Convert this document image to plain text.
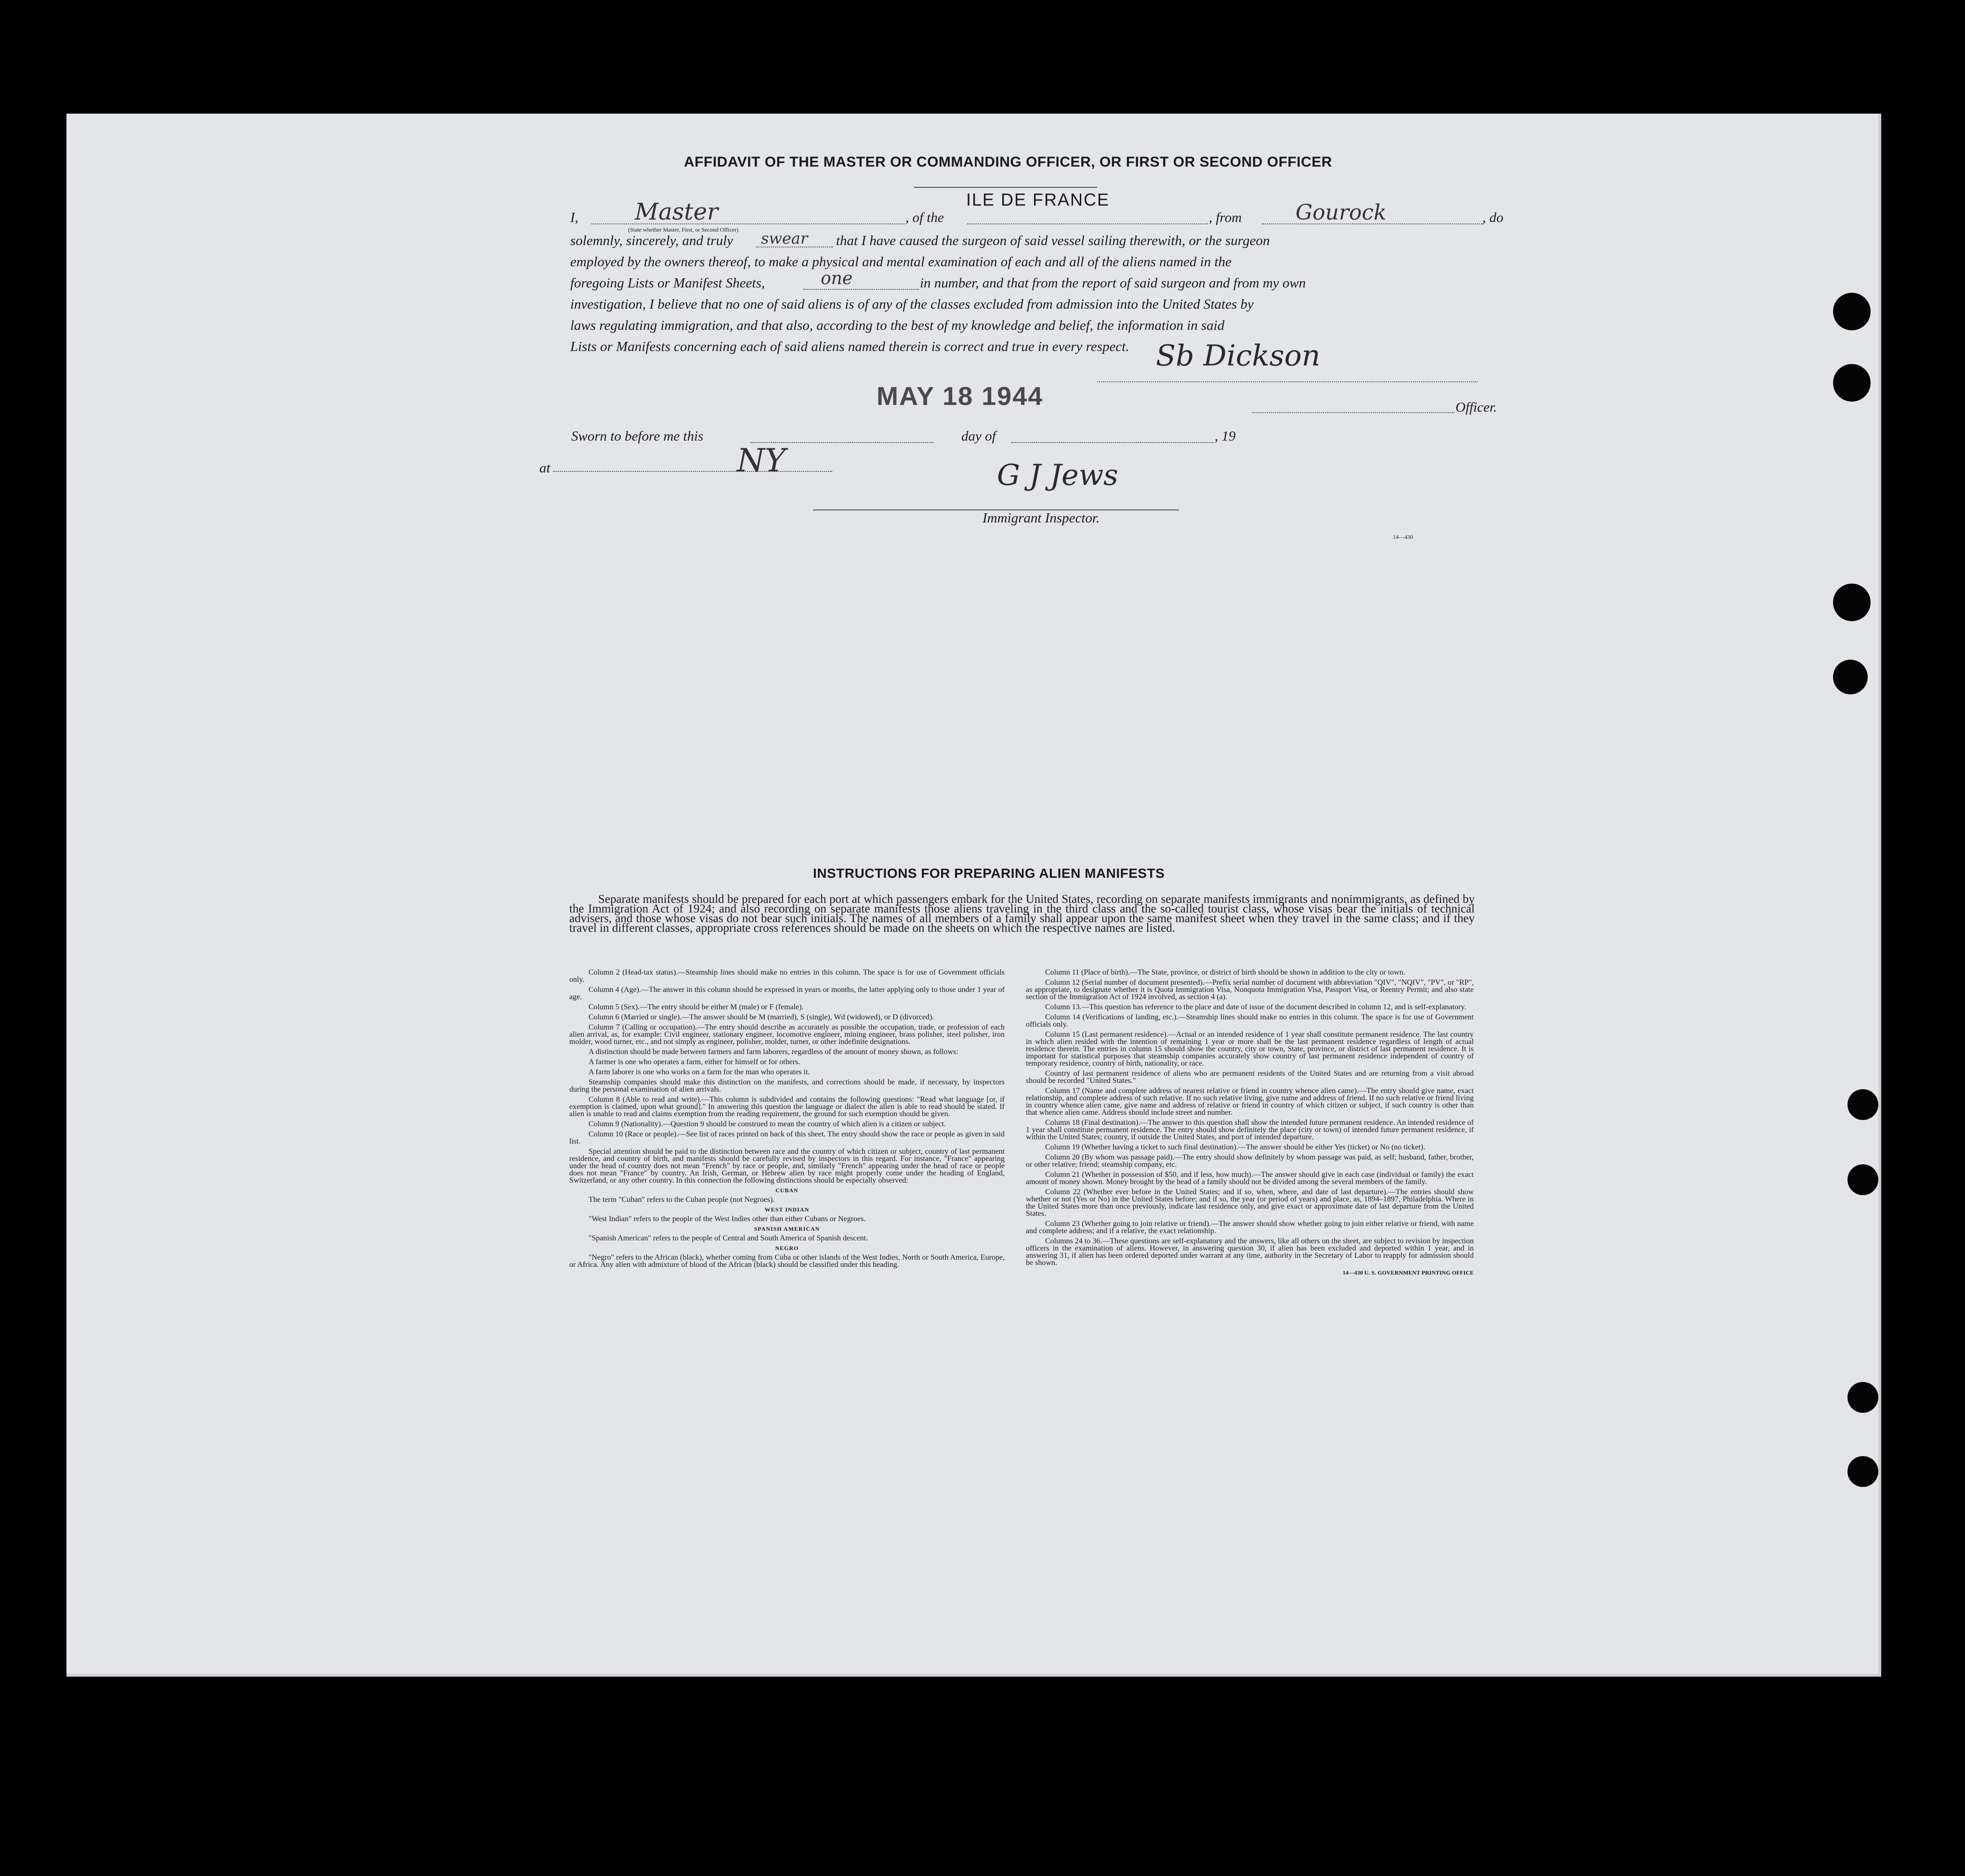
AFFIDAVIT OF THE MASTER OR COMMANDING OFFICER, OR FIRST OR SECOND OFFICER
ILE DE FRANCE
I, Master
(State whether Master, First, or Second Officer)
, of the	, from	Gourock	, do
solemnly, sincerely, and truly swear that I have caused the surgeon of said vessel sailing therewith, or the surgeon
employed by the owners thereof, to make a physical and mental examination of each and all of the aliens named in the
foregoing Lists or Manifest Sheets,	one	in number, and that from the report of said surgeon and from my own
investigation, I believe that no one of said aliens is of any of the classes excluded from admission into the United States by
laws regulating immigration, and that also, according to the best of my knowledge and belief, the information in said
Lists or Manifests concerning each of said aliens named therein is correct and true in every respect. Sb Dickson
Officer.
MAY 18 1944
Sworn to before me this	day of	, 19
at	NY	G J Jews
Immigrant Inspector.
14—430
INSTRUCTIONS FOR PREPARING ALIEN MANIFESTS
Separate manifests should be prepared for each port at which passengers embark for the United States, recording on separate manifests immigrants and nonimmigrants, as defined by the Immigration Act of 1924; and also recording on separate manifests those aliens traveling in the third class and the so-called tourist class, whose visas bear the initials of technical advisers, and those whose visas do not bear such initials. The names of all members of a family shall appear upon the same manifest sheet when they travel in the same class; and if they travel in different classes, appropriate cross references should be made on the sheets on which the respective names are listed.

Column 2 (Head-tax status).—Steamship lines should make no entries in this column. The space is for use of Government officials only.

Column 4 (Age).—The answer in this column should be expressed in years or months, the latter applying only to those under 1 year of age.

Column 5 (Sex).—The entry should be either M (male) or F (female).

Column 6 (Married or single).—The answer should be M (married), S (single), Wd (widowed), or D (divorced).

Column 7 (Calling or occupation).—The entry should describe as accurately as possible the occupation, trade, or profession of each alien arrival, as, for example: Civil engineer, stationary engineer, locomotive engineer, mining engineer, brass polisher, steel polisher, iron molder, wood turner, etc., and not simply as engineer, polisher, molder, turner, or other indefinite designations.

A distinction should be made between farmers and farm laborers, regardless of the amount of money shown, as follows:

A farmer is one who operates a farm, either for himself or for others.

A farm laborer is one who works on a farm for the man who operates it.

Steamship companies should make this distinction on the manifests, and corrections should be made, if necessary, by inspectors during the personal examination of alien arrivals.

Column 8 (Able to read and write).—This column is subdivided and contains the following questions: "Read what language [or, if exemption is claimed, upon what ground]." In answering this question the language or dialect the alien is able to read should be stated. If alien is unable to read and claims exemption from the reading requirement, the ground for such exemption should be given.

Column 9 (Nationality).—Question 9 should be construed to mean the country of which alien is a citizen or subject.

Column 10 (Race or people).—See list of races printed on back of this sheet. The entry should show the race or people as given in said list.

Special attention should be paid to the distinction between race and the country of which citizen or subject, country of last permanent residence, and country of birth, and manifests should be carefully revised by inspectors in this regard. For instance, "France" appearing under the head of country does not mean "French" by race or people, and, similarly "French" appearing under the head of race or people does not mean "France" by country. An Irish, German, or Hebrew alien by race might properly come under the heading of England, Switzerland, or any other country. In this connection the following distinctions should be especially observed:

CUBAN

The term "Cuban" refers to the Cuban people (not Negroes).

WEST INDIAN

"West Indian" refers to the people of the West Indies other than either Cubans or Negroes.

SPANISH AMERICAN

"Spanish American" refers to the people of Central and South America of Spanish descent.

NEGRO

"Negro" refers to the African (black), whether coming from Cuba or other islands of the West Indies, North or South America, Europe, or Africa. Any alien with admixture of blood of the African (black) should be classified under this heading.

Column 11 (Place of birth).—The State, province, or district of birth should be shown in addition to the city or town.

Column 12 (Serial number of document presented).—Prefix serial number of document with abbreviation "QIV", "NQIV", "PV", or "RP", as appropriate, to designate whether it is Quota Immigration Visa, Nonquota Immigration Visa, Passport Visa, or Reentry Permit; and also state section of the Immigration Act of 1924 involved, as section 4 (a).

Column 13.—This question has reference to the place and date of issue of the document described in column 12, and is self-explanatory.

Column 14 (Verifications of landing, etc.).—Steamship lines should make no entries in this column. The space is for use of Government officials only.

Column 15 (Last permanent residence).—Actual or an intended residence of 1 year shall constitute permanent residence. The last country in which alien resided with the intention of remaining 1 year or more shall be the last permanent residence regardless of length of actual residence therein. The entries in column 15 should show the country, city or town, State, province, or district of last permanent residence. It is important for statistical purposes that steamship companies accurately show country of last permanent residence independent of country of temporary residence, country of birth, nationality, or race.

Country of last permanent residence of aliens who are permanent residents of the United States and are returning from a visit abroad should be recorded "United States."

Column 17 (Name and complete address of nearest relative or friend in country whence alien came).—The entry should give name, exact relationship, and complete address of such relative. If no such relative living, give name and address of friend. If no such relative or friend living in country whence alien came, give name and address of relative or friend in country of which citizen or subject, if such country is other than that whence alien came. Address should include street and number.

Column 18 (Final destination).—The answer to this question shall show the intended future permanent residence. An intended residence of 1 year shall constitute permanent residence. The entry should show definitely the place (city or town) of intended future permanent residence, if within the United States; country, if outside the United States, and port of intended departure.

Column 19 (Whether having a ticket to such final destination).—The answer should be either Yes (ticket) or No (no ticket).

Column 20 (By whom was passage paid).—The entry should show definitely by whom passage was paid, as self; husband, father, brother, or other relative; friend; steamship company, etc.

Column 21 (Whether in possession of $50, and if less, how much).—The answer should give in each case (individual or family) the exact amount of money shown. Money brought by the head of a family should not be divided among the several members of the family.

Column 22 (Whether ever before in the United States; and if so, when, where, and date of last departure).—The entries should show whether or not (Yes or No) in the United States before; and if so, the year (or period of years) and place, as, 1894–1897, Philadelphia. Where in the United States more than once previously, indicate last residence only, and give exact or approximate date of last departure from the United States.

Column 23 (Whether going to join relative or friend).—The answer should show whether going to join either relative or friend, with name and complete address; and if a relative, the exact relationship.

Columns 24 to 36.—These questions are self-explanatory and the answers, like all others on the sheet, are subject to revision by inspection officers in the examination of aliens. However, in answering question 30, if alien has been excluded and deported within 1 year, and in answering 31, if alien has been ordered deported under warrant at any time, authority in the Secretary of Labor to reapply for admission should be shown.

14—430 U. S. GOVERNMENT PRINTING OFFICE
